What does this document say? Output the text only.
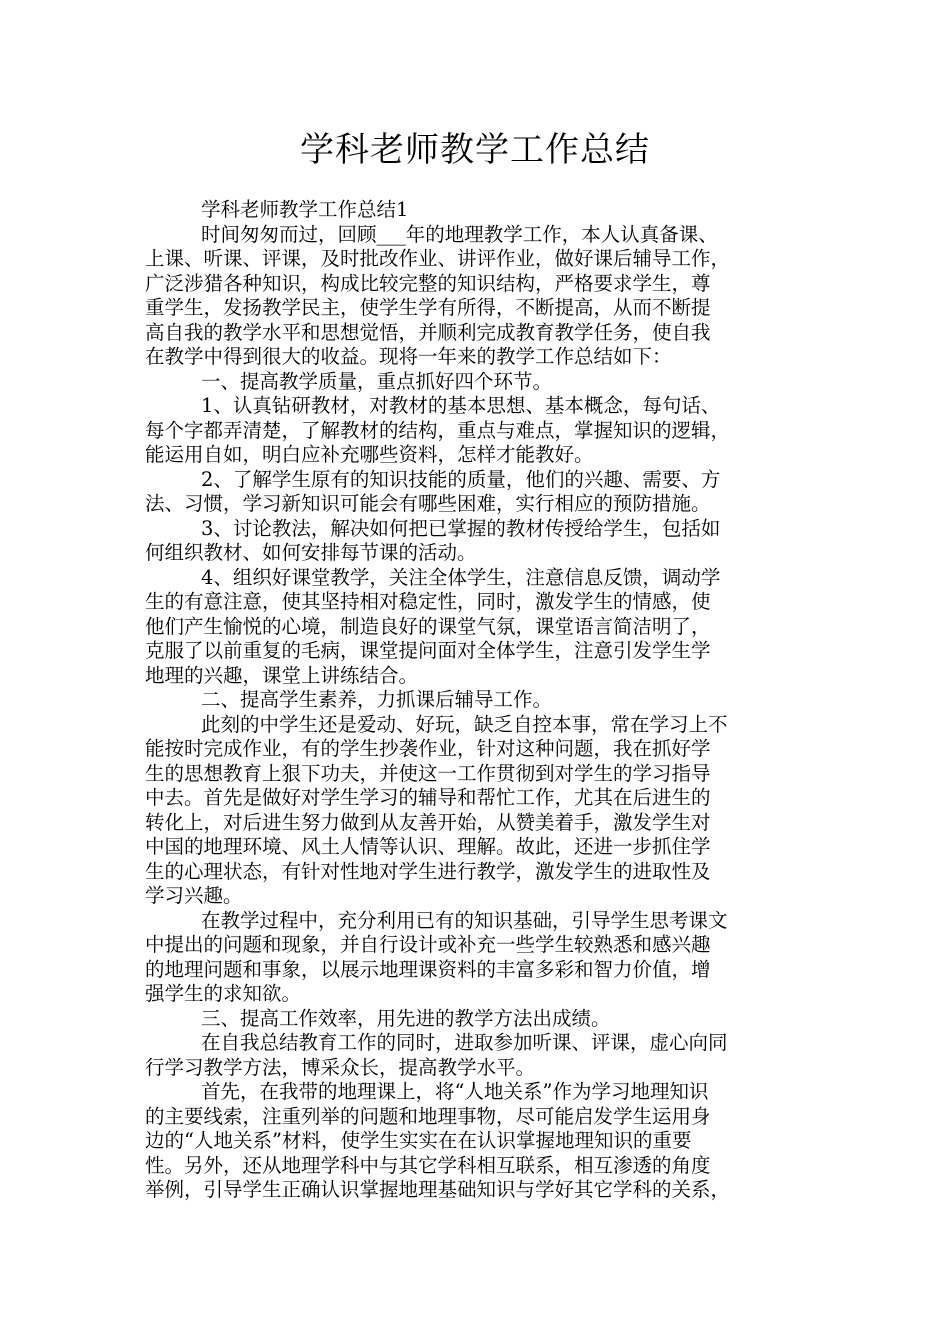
学科老师教学工作总结
学科老师教学工作总结1
时间匆匆而过，回顾___年的地理教学工作，本人认真备课、
上课、听课、评课，及时批改作业、讲评作业，做好课后辅导工作，
广泛涉猎各种知识，构成比较完整的知识结构，严格要求学生，尊
重学生，发扬教学民主，使学生学有所得，不断提高，从而不断提
高自我的教学水平和思想觉悟，并顺利完成教育教学任务，使自我
在教学中得到很大的收益。现将一年来的教学工作总结如下：
一、提高教学质量，重点抓好四个环节。
1、认真钻研教材，对教材的基本思想、基本概念，每句话、
每个字都弄清楚，了解教材的结构，重点与难点，掌握知识的逻辑，
能运用自如，明白应补充哪些资料，怎样才能教好。
2、了解学生原有的知识技能的质量，他们的兴趣、需要、方
法、习惯，学习新知识可能会有哪些困难，实行相应的预防措施。
3、讨论教法，解决如何把已掌握的教材传授给学生，包括如
何组织教材、如何安排每节课的活动。
4、组织好课堂教学，关注全体学生，注意信息反馈，调动学
生的有意注意，使其坚持相对稳定性，同时，激发学生的情感，使
他们产生愉悦的心境，制造良好的课堂气氛，课堂语言简洁明了，
克服了以前重复的毛病，课堂提问面对全体学生，注意引发学生学
地理的兴趣，课堂上讲练结合。
二、提高学生素养，力抓课后辅导工作。
此刻的中学生还是爱动、好玩，缺乏自控本事，常在学习上不
能按时完成作业，有的学生抄袭作业，针对这种问题，我在抓好学
生的思想教育上狠下功夫，并使这一工作贯彻到对学生的学习指导
中去。首先是做好对学生学习的辅导和帮忙工作，尤其在后进生的
转化上，对后进生努力做到从友善开始，从赞美着手，激发学生对
中国的地理环境、风土人情等认识、理解。故此，还进一步抓住学
生的心理状态，有针对性地对学生进行教学，激发学生的进取性及
学习兴趣。
在教学过程中，充分利用已有的知识基础，引导学生思考课文
中提出的问题和现象，并自行设计或补充一些学生较熟悉和感兴趣
的地理问题和事象，以展示地理课资料的丰富多彩和智力价值，增
强学生的求知欲。
三、提高工作效率，用先进的教学方法出成绩。
在自我总结教育工作的同时，进取参加听课、评课，虚心向同
行学习教学方法，博采众长，提高教学水平。
首先，在我带的地理课上，将“人地关系”作为学习地理知识
的主要线索，注重列举的问题和地理事物，尽可能启发学生运用身
边的“人地关系”材料，使学生实实在在认识掌握地理知识的重要
性。另外，还从地理学科中与其它学科相互联系，相互渗透的角度
举例，引导学生正确认识掌握地理基础知识与学好其它学科的关系，
